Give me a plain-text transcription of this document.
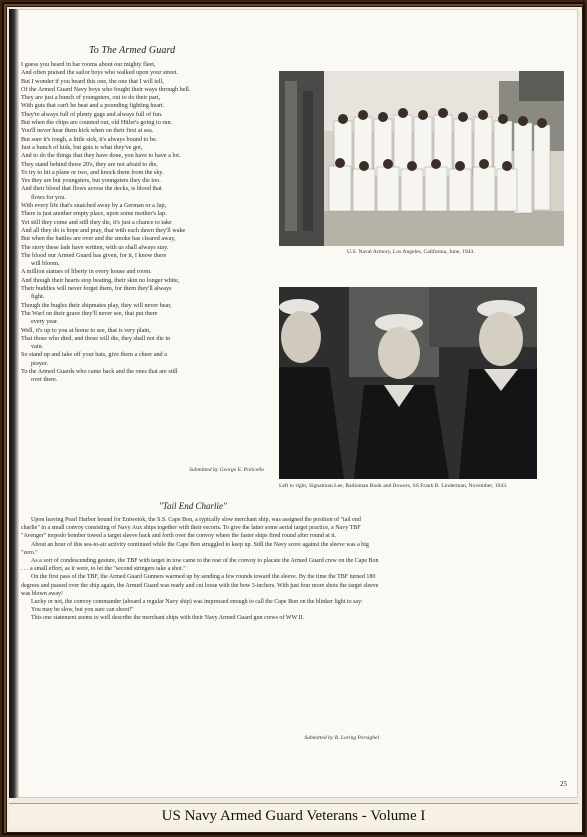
To The Armed Guard
I guess you heard in bar rooms about our mighty fleet,
And often praised the sailor boys who walked upon your street.
But I wonder if you heard this one, the one that I will tell,
Of the Armed Guard Navy boys who fought their ways through hell.
They are just a bunch of youngsters, out to do their part,
With guts that can't be beat and a pounding fighting heart.
They're always full of plenty gags and always full of fun.
But when the chips are counted out, old Hitler's going to run.
You'll never hear them kick when on their first at sea.
But sure it's tough, a little sick, it's always bound to be.
Just a bunch of kids, but guts is what they've got,
And to do the things that they have done, you have to have a lot.
They stand behind those 20's, they are not afraid to die,
To try to hit a plane or two, and knock them from the sky.
Yes they are but youngsters, but youngsters they die too.
And their blood that flows across the decks, is blood that
flows for you.
With every life that's snatched away by a German or a Jap,
There is just another empty place, upon some mother's lap.
Yet still they come and still they die, it's just a chance to take
And all they do is hope and pray, that with each dawn they'll wake
But when the battles are over and the smoke has cleared away,
The story these lads have written, with us shall always stay.
The blood our Armed Guard has given, for it, I know there
will bloom.
A million statues of liberty in every house and room.
And though their hearts stop beating, their skin no longer white,
Their buddies will never forget them, for them they'll always
fight.
Though the bugles their shipmates play, they will never hear,
The Warf on their grave they'll never see, that put there
every year.
Well, it's up to you at home to see, that is very plain,
That those who died, and those will die, they shall not die in
vain.
So stand up and take off your hats, give them a cheer and a
prayer.
To the Armed Guards who came back and the ones that are still
over there.
Submitted by George E. Policello
U.S. Naval Armory, Los Angeles, California, June, 1943.
Left to right, Signalman Lee, Radioman Book and Bowers, SS Frank B. Linderman, November, 1943.
"Tail End Charlie"

Upon leaving Pearl Harbor bound for Eniwetok, the S.S. Cape Bon, a typically slow merchant ship, was assigned the position of "tail end charlie" in a small convoy consisting of Navy Aux ships together with their escorts. To give the latter some aerial target practice, a Navy TBF "Avenger" torpedo bomber towed a target sleeve back and forth over the convoy where the faster ships fired round after round at it.

About an hour of this sea-to-air activity continued while the Cape Bon struggled to keep up. Still the Navy score against the sleeve was a big "zero."

As a sort of condescending gesture, the TBF with target in tow came to the rear of the convoy to placate the Armed Guard crew on the Cape Bon . . . a small effort, as it were, to let the "second stringers take a shot."

On the first pass of the TBF, the Armed Guard Gunners warmed up by sending a few rounds toward the sleeve. By the time the TBF turned 180 degrees and passed over the ship again, the Armed Guard was ready and cut loose with the bow 3-inchers. With just four more shots the target sleeve was blown away!

Lucky or not, the convoy commander (aboard a regular Navy ship) was impressed enough to call the Cape Bon on the blinker light to say:

You may be slow, but you sure can shoot!"

This one statement seems to well describe the merchant ships with their Navy Armed Guard gun crews of WW II.

Submitted by R. Loring Persighel
25
US Navy Armed Guard Veterans - Volume I
